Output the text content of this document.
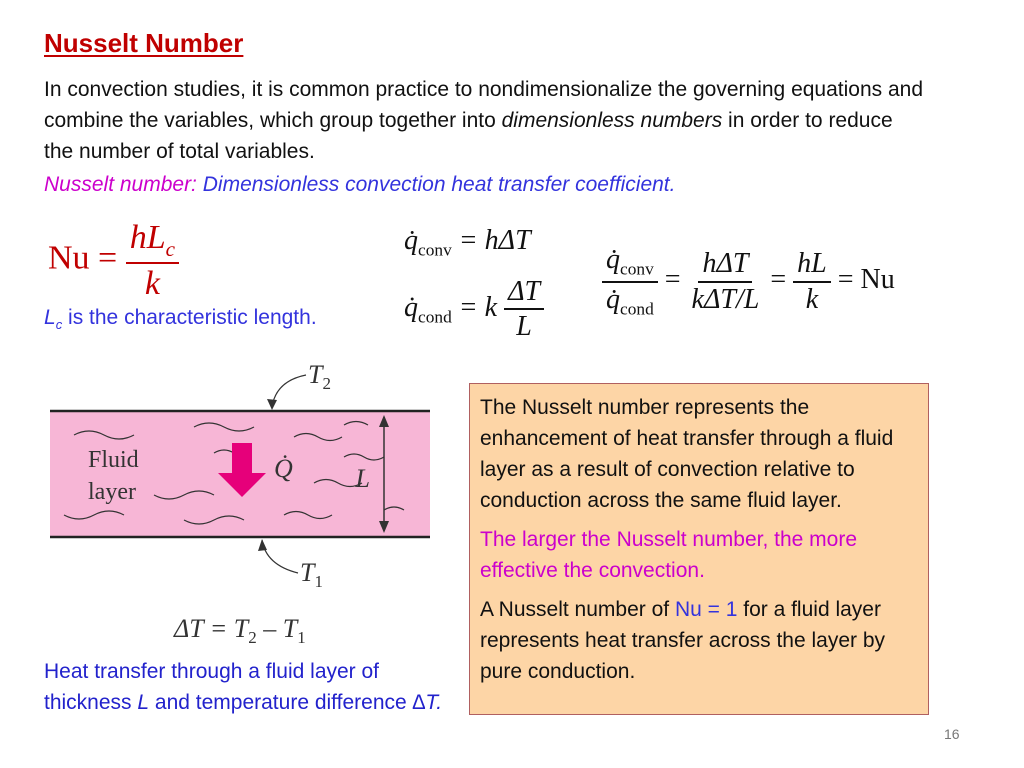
Nusselt Number
In convection studies, it is common practice to nondimensionalize the governing equations and combine the variables, which group together into dimensionless numbers in order to reduce the number of total variables.
Nusselt number: Dimensionless convection heat transfer coefficient.
$Nu = \frac{hL_c}{k}$	$q̇_{conv} = h\Delta T$
$q̇_{cond} = k \frac{\Delta T}{L} \frac{q̇_{conv}}{q̇_{cond}} = \frac{\text{hΔT}}{\text{kΔT/L}} = \frac{hL}{k} = Nu$
$L_c$ is the characteristic length.
Fluid
layer
Q̇ L
$T_2$
$T_1$
$\Delta T = T_2 - T_1$
Heat transfer through a fluid layer of thickness L and temperature difference ∆T.

The Nusselt number represents the enhancement of heat transfer through a fluid layer as a result of convection relative to conduction across the same fluid layer.

The larger the Nusselt number, the more effective the convection.

A Nusselt number of Nu = 1 for a fluid layer represents heat transfer across the layer by pure conduction.

16
